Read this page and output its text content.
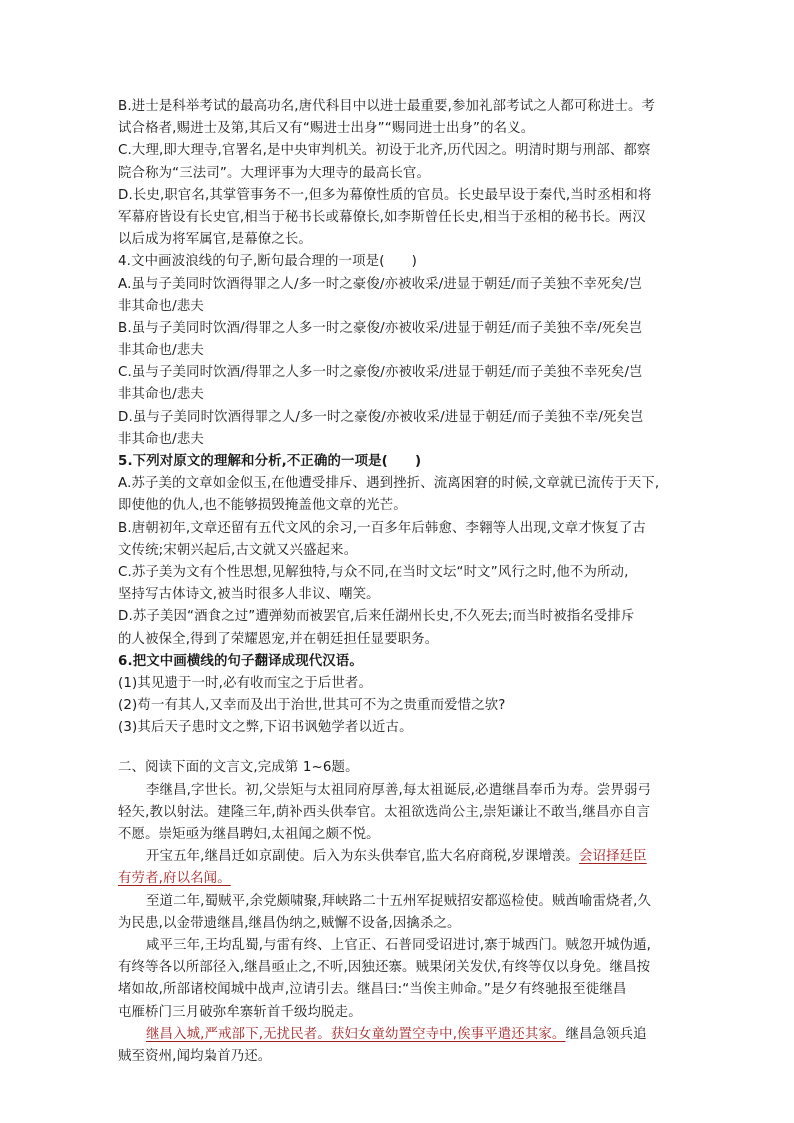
B.进士是科举考试的最高功名,唐代科目中以进士最重要,参加礼部考试之人都可称进士。考
试合格者,赐进士及第,其后又有“赐进士出身”“赐同进士出身”的名义。
C.大理,即大理寺,官署名,是中央审判机关。初设于北齐,历代因之。明清时期与刑部、都察
院合称为“三法司”。大理评事为大理寺的最高长官。
D.长史,职官名,其掌管事务不一,但多为幕僚性质的官员。长史最早设于秦代,当时丞相和将
军幕府皆设有长史官,相当于秘书长或幕僚长,如李斯曾任长史,相当于丞相的秘书长。两汉
以后成为将军属官,是幕僚之长。
4.文中画波浪线的句子,断句最合理的一项是(　　)
A.虽与子美同时饮酒得罪之人/多一时之豪俊/亦被收采/进显于朝廷/而子美独不幸死矣/岂
非其命也/悲夫
B.虽与子美同时饮酒/得罪之人多一时之豪俊/亦被收采/进显于朝廷/而子美独不幸/死矣岂
非其命也/悲夫
C.虽与子美同时饮酒/得罪之人多一时之豪俊/亦被收采/进显于朝廷/而子美独不幸死矣/岂
非其命也/悲夫
D.虽与子美同时饮酒得罪之人/多一时之豪俊/亦被收采/进显于朝廷/而子美独不幸/死矣岂
非其命也/悲夫
5.下列对原文的理解和分析,不正确的一项是(　　)
A.苏子美的文章如金似玉,在他遭受排斥、遇到挫折、流离困窘的时候,文章就已流传于天下,
即使他的仇人,也不能够损毁掩盖他文章的光芒。
B.唐朝初年,文章还留有五代文风的余习,一百多年后韩愈、李翱等人出现,文章才恢复了古
文传统;宋朝兴起后,古文就又兴盛起来。
C.苏子美为文有个性思想,见解独特,与众不同,在当时文坛“时文”风行之时,他不为所动,
坚持写古体诗文,被当时很多人非议、嘲笑。
D.苏子美因“酒食之过”遭弹劾而被罢官,后来任湖州长史,不久死去;而当时被指名受排斥
的人被保全,得到了荣耀恩宠,并在朝廷担任显要职务。
6.把文中画横线的句子翻译成现代汉语。
(1)其见遗于一时,必有收而宝之于后世者。
(2)苟一有其人,又幸而及出于治世,世其可不为之贵重而爱惜之欤?
(3)其后天子患时文之弊,下诏书讽勉学者以近古。
二、阅读下面的文言文,完成第 1~6题。
李继昌,字世长。初,父崇矩与太祖同府厚善,每太祖诞辰,必遣继昌奉币为寿。尝畀弱弓
轻矢,教以射法。建隆三年,荫补西头供奉官。太祖欲选尚公主,崇矩谦让不敢当,继昌亦自言
不愿。崇矩亟为继昌聘妇,太祖闻之颇不悦。
开宝五年,继昌迁如京副使。后入为东头供奉官,监大名府商税,岁课增羡。会诏择廷臣
有劳者,府以名闻。
至道二年,蜀贼平,余党颇啸聚,拜峡路二十五州军捉贼招安都巡检使。贼酋喻雷烧者,久
为民患,以金带遗继昌,继昌伪纳之,贼懈不设备,因擒杀之。
咸平三年,王均乱蜀,与雷有终、上官正、石普同受诏进讨,寨于城西门。贼忽开城伪遁,
有终等各以所部径入,继昌亟止之,不听,因独还寨。贼果闭关发伏,有终等仅以身免。继昌按
堵如故,所部诸校闻城中战声,泣请引去。继昌曰:“当俟主帅命。”是夕有终驰报至徙继昌
屯雁桥门三月破弥牟寨斩首千级均脱走。
继昌入城,严戒部下,无扰民者。获妇女童幼置空寺中,俟事平遣还其家。继昌急领兵追
贼至资州,闻均枭首乃还。
